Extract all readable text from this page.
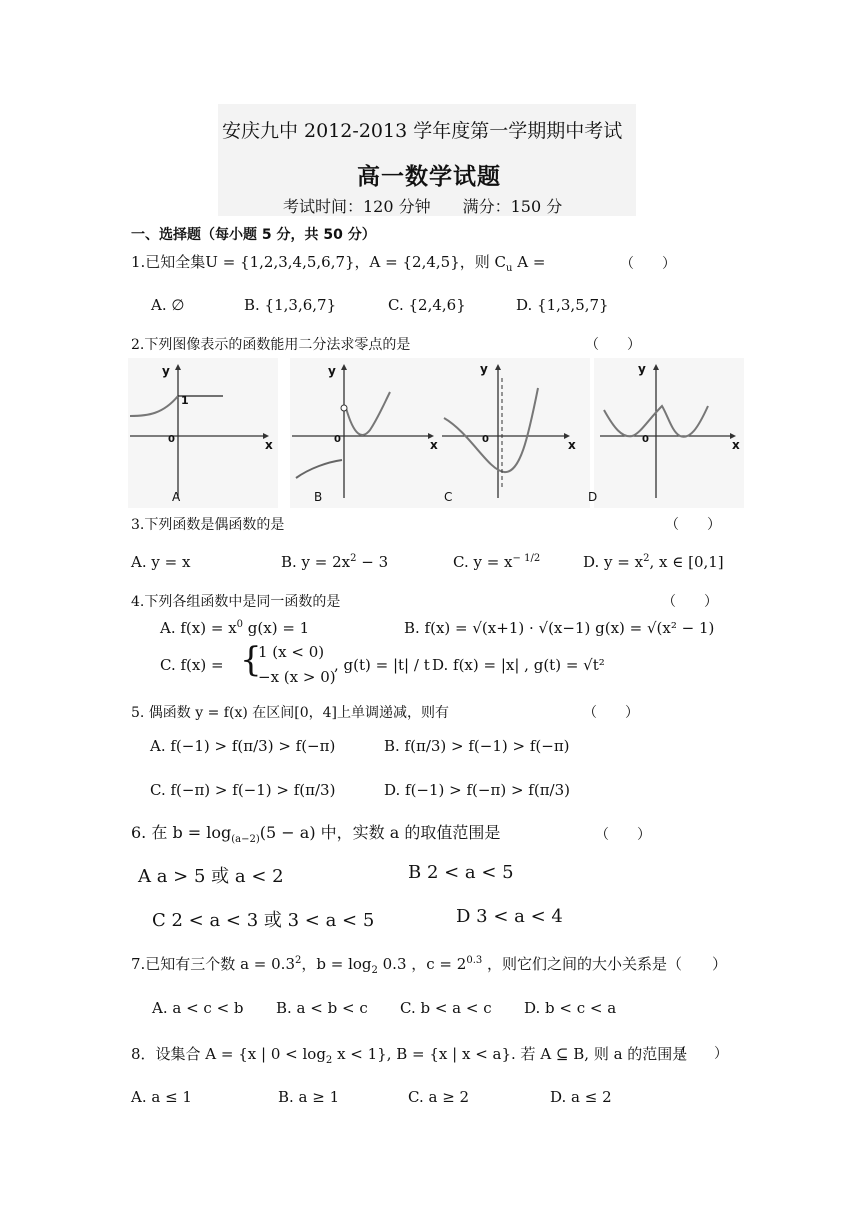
安庆九中 2012-2013 学年度第一学期期中考试
高一数学试题
考试时间：120 分钟　　满分：150 分
一、选择题（每小题 5 分，共 50 分）
1.已知全集U = {1,2,3,4,5,6,7}，A = {2,4,5}，则 $C_u$ A =	（　　）
A. ∅	B. {1,3,6,7}	C. {2,4,6}	D. {1,3,5,7}
2.下列图像表示的函数能用二分法求零点的是	（　　）
y
x
0
1
A
y
x
0
B
y
x
0
C
y
x
0
D
3.下列函数是偶函数的是	（　　）
A. y = x	B. $y = 2x^2 - 3$	C. $y = x^{- 1/2}$	D. $y = x^2$, x ∈ [0,1]
4.下列各组函数中是同一函数的是	（　　）
A. $f(x) = x^0$ g(x) = 1	B. f(x) = √(x+1) · √(x−1) g(x) = √(x² − 1)
C. f(x) = {
1 (x < 0)
−x (x > 0)
, g(t) = |t| / t D. f(x) = |x| , g(t) = √t²
5. 偶函数 y = f(x) 在区间[0，4]上单调递减，则有	（　　）
A. f(−1) > f(π/3) > f(−π)	B. f(π/3) > f(−1) > f(−π)
C. f(−π) > f(−1) > f(π/3)	D. f(−1) > f(−π) > f(π/3)
6. 在 $b = \log_{(a-2)}(5 - a)$ 中，实数 a 的取值范围是	（　　）
A a > 5 或 a < 2	B 2 < a < 5
C 2 < a < 3 或 3 < a < 5	D 3 < a < 4
7.已知有三个数 $a = 0.3^2$，$b = \log_2 0.3$ ，$c = 2^{0.3}$ ，则它们之间的大小关系是（　　）
A. a < c < b B. a < b < c C. b < a < c D. b < c < a
8．设集合 A = {x | $0 < \log_2 x < 1$}, B = {x | x < a}. 若 A ⊆ B, 则 a 的范围是
（　　）
A. a ≤ 1	B. a ≥ 1	C. a ≥ 2	D. a ≤ 2
